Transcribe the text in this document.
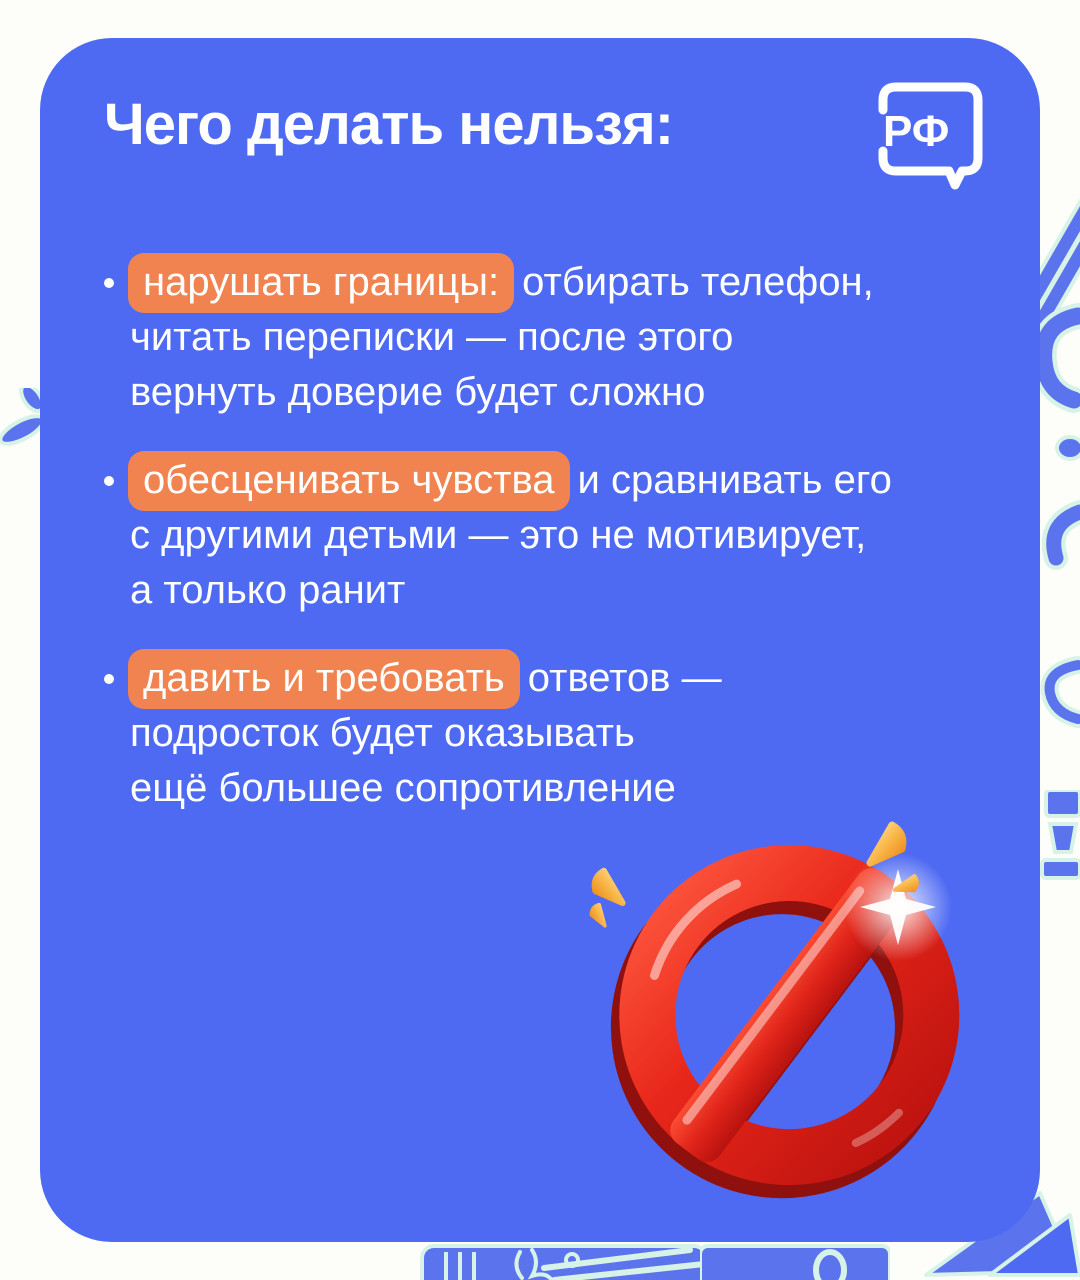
Чего делать нельзя:	РФ
нарушать границы: отбирать телефон,
читать переписки — после этого
вернуть доверие будет сложно
обесценивать чувства и сравнивать его
с другими детьми — это не мотивирует,
а только ранит
давить и требовать ответов —
подросток будет оказывать
ещё большее сопротивление
